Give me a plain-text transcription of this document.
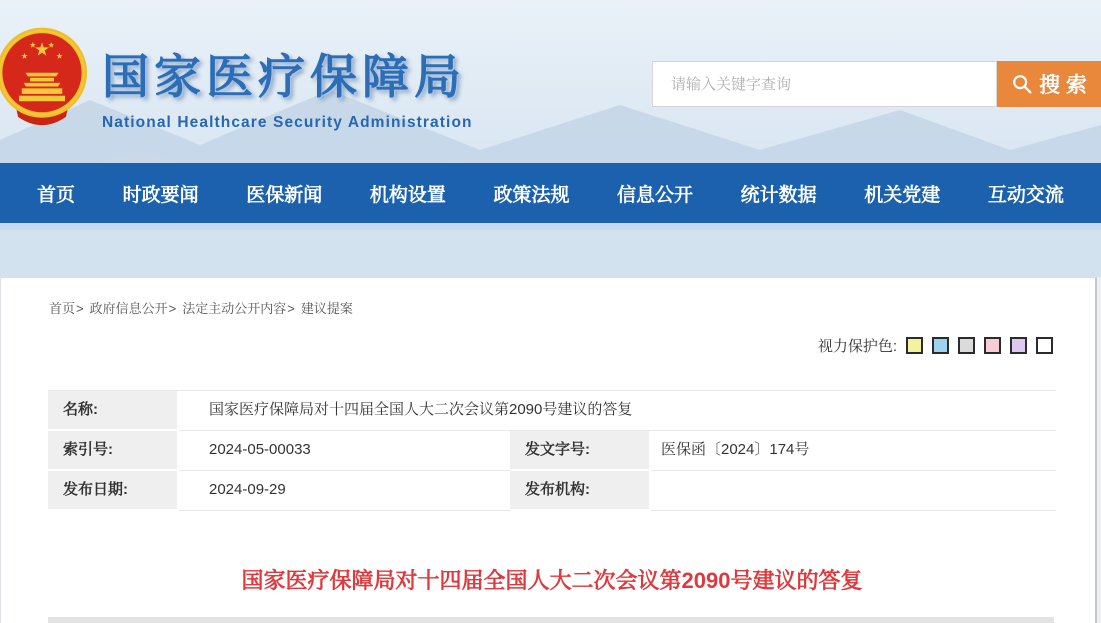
国家医疗保障局
National Healthcare Security Administration
请输入关键字查询
搜 索
首页	时政要闻	医保新闻	机构设置	政策法规	信息公开	统计数据	机关党建	互动交流
首页> 政府信息公开> 法定主动公开内容> 建议提案
视力保护色:
名称:	国家医疗保障局对十四届全国人大二次会议第2090号建议的答复
索引号:	2024-05-00033	发文字号:	医保函〔2024〕174号
发布日期:	2024-09-29	发布机构:
国家医疗保障局对十四届全国人大二次会议第2090号建议的答复
